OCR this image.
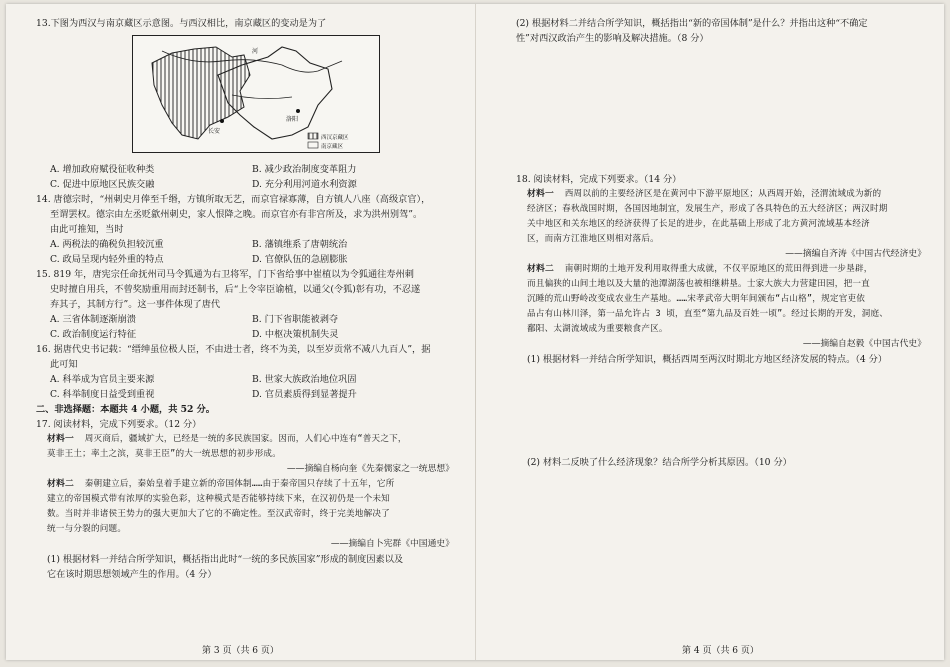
13.下图为西汉与南京藏区示意图。与西汉相比，南京藏区的变动是为了
河
长安
洛阳
西汉京藏区
南京藏区
A. 增加政府赋役征收种类	B. 减少政治制度变革阻力
C. 促进中原地区民族交融	D. 充分利用河道水利资源
14. 唐德宗时，“州刺史月俸至千缗，方镇所取无艺，而京官禄寡薄，自方镇人八座（高级京官），
至谓罢权。德宗由左丞贬歙州刺史，家人恨降之晚。而京官亦有非宫所及，求为洪州别驾”。
由此可推知，当时
A. 两税法的确税负担较沉重	B. 藩镇维系了唐朝统治
C. 政局呈现内轻外重的特点	D. 官僚队伍的急剧膨胀
15. 819 年，唐宪宗任命抚州司马令狐通为右卫将军，门下省给事中崔植以为令狐通往寿州刺
史时擅自用兵，不曾奖励重用而封还制书，后“上令宰臣谕植，以通父(令狐)彰有功，不忍遂
弃其子，其制方行”。这一事件体现了唐代
A. 三省体制逐渐崩溃	B. 门下省职能被剥夺
C. 政治制度运行特征	D. 中枢决策机制失灵
16. 据唐代史书记载：“缙绅虽位极人臣，不由进士者，终不为美，以至岁贡常不减八九百人”，据
此可知
A. 科举成为官员主要来源	B. 世家大族政治地位巩固
C. 科举制度日益受到重视	D. 官员素质得到显著提升
二、非选择题：本题共 4 小题，共 52 分。
17. 阅读材料，完成下列要求。（12 分）
材料一 周灭商后，疆域扩大，已经是一统的多民族国家。因而，人们心中连有“普天之下，
莫非王土；率土之滨，莫非王臣”的大一统思想的初步形成。
——摘编自杨向奎《先秦儒家之一统思想》
材料二 秦朝建立后，秦始皇着手建立新的帝国体制……由于秦帝国只存续了十五年，它所
建立的帝国模式带有浓厚的实验色彩，这种模式是否能够持续下来，在汉初仍是一个未知
数。当时并非诸侯王势力的强大更加大了它的不确定性。至汉武帝时，终于完美地解决了
统一与分裂的问题。
——摘编自卜宪群《中国通史》
(1) 根据材料一并结合所学知识，概括指出此时“一统的多民族国家”形成的制度因素以及
它在该时期思想领域产生的作用。（4 分）
第 3 页（共 6 页）
(2) 根据材料二并结合所学知识，概括指出“新的帝国体制”是什么？并指出这种“不确定
性”对西汉政治产生的影响及解决措施。（8 分）
18. 阅读材料，完成下列要求。（14 分）
材料一 西周以前的主要经济区是在黄河中下游平原地区；从西周开始，泾渭流域成为新的
经济区；春秋战国时期，各国因地制宜，发展生产，形成了各具特色的五大经济区；两汉时期
关中地区和关东地区的经济获得了长足的进步，在此基础上形成了北方黄河流域基本经济
区，而南方江淮地区则相对落后。
——摘编自齐涛《中国古代经济史》
材料二 南朝时期的土地开发利用取得重大成就，不仅平原地区的荒田得到进一步垦辟，
而且偏狭的山间土地以及大量的池潭湖荡也被相继耕垦。士家大族大力营建田园，把一直
沉睡的荒山野岭改变成农业生产基地。……宋孝武帝大明年间颁布“占山格”，规定官吏依
品占有山林川泽，第一品允许占 3 顷，直至“第九品及百姓一顷”。经过长期的开发，洞庭、
鄱阳、太湖流域成为重要粮食产区。
——摘编自赵毅《中国古代史》
(1) 根据材料一并结合所学知识，概括西周至两汉时期北方地区经济发展的特点。（4 分）
(2) 材料二反映了什么经济现象？结合所学分析其原因。（10 分）
第 4 页（共 6 页）
